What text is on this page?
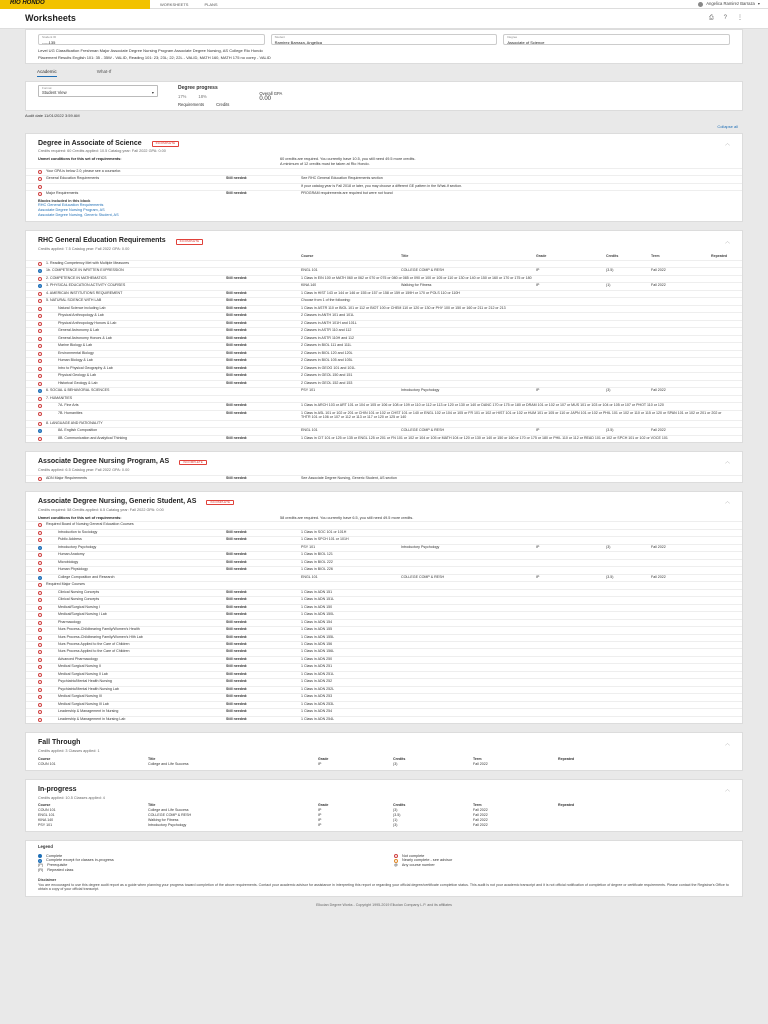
RIO HONDO	WORKSHEETS	PLANS	Angelica Ramirez Barraza ▾
Worksheets	⎙ ? ⋮
Student ID
-----135
Student
Ramirez Barraza, Angelica
Degree
Associate of Science
Level UG Classification Freshman Major Associate Degree Nursing Program Associate Degree Nursing, AS College Rio Hondo
Placement Results English 101: 35 - 35W - VALID, Reading 101: 23; 23L; 22; 22L - VALID, MATH 160, MATH 175 no corey - VALID
Academic	What-If
Format
Student View	▾
Degree progress
17%	18%
Requirements	Credits
Overall GPA
0.00
Audit date 11/01/2022 3:59 AM
Collapse all
Degree in Associate of Science	INCOMPLETE	︿
Credits required: 60 Credits applied: 10.5 Catalog year: Fall 2022 GPA: 0.00
Unmet conditions for this set of requirements:	60 credits are required. You currently have 10.5, you still need 49.5 more credits.
A minimum of 12 credits must be taken at Rio Hondo.
Your GPA is below 2.0; please see a counselor.
General Education Requirements	Still needed:	See RHC General Education Requirements section
If your catalog year is Fall 2018 or later, you may choose a different GE pattern in the What-If section.
Major Requirements	Still needed:	PROGRAM requirements are required but were not found
Blocks included in this block
RHC General Education Requirements
Associate Degree Nursing Program, AS
Associate Degree Nursing, Generic Student, AS
RHC General Education Requirements	INCOMPLETE	︿
Credits applied: 7.5 Catalog year: Fall 2022 GPA: 0.00
Course	Title	Grade	Credits	Term	Repeated
1. Reading Competency Met with Multiple Measures
1b. COMPETENCE IN WRITTEN EXPRESSION	ENGL 101	COLLEGE COMP & RESH	IP	(3.5)	Fall 2022
2. COMPETENCE IN MATHEMATICS	Still needed:	1 Class in EIN 100 or MATH 060 or 062 or 070 or 075 or 080 or 085 or 090 or 100 or 105 or 110 or 130 or 140 or 150 or 160 or 170 or 175 or 180
3. PHYSICAL EDUCATION ACTIVITY COURSES	KINA 140	Walking for Fitness	IP	(1)	Fall 2022
4. AMERICAN INSTITUTIONS REQUIREMENT	Still needed:	1 Class in HIST 143 or 144 or 146 or 155 or 157 or 158 or 159 or 159H or 170 or POLS 110 or 110H
5. NATURAL SCIENCE WITH LAB	Still needed:	Choose from 1 of the following:
Natural Science including Lab	Still needed:	1 Class in ASTR 110 or BIOL 101 or 112 or BIOT 100 or CHEM 110 or 120 or 130 or PHY 100 or 150 or 160 or 211 or 212 or 213
Physical Anthropology & Lab	Still needed:	2 Classes in ANTH 101 and 101L
Physical Anthropology Honors & Lab	Still needed:	2 Classes in ANTH 101H and 101L
General Astronomy & Lab	Still needed:	2 Classes in ASTR 110 and 112
General Astronomy Honors & Lab	Still needed:	2 Classes in ASTR 110H and 112
Marine Biology & Lab	Still needed:	2 Classes in BIOL 111 and 111L
Environmental Biology	Still needed:	2 Classes in BIOL 120 and 120L
Human Biology & Lab	Still needed:	2 Classes in BIOL 105 and 105L
Intro to Physical Geography & Lab	Still needed:	2 Classes in GEOG 101 and 101L
Physical Geology & Lab	Still needed:	2 Classes in GEOL 150 and 151
Historical Geology & Lab	Still needed:	2 Classes in GEOL 152 and 153
6. SOCIAL & BEHAVIORAL SCIENCES	PSY 101	Introductory Psychology	IP	(3)	Fall 2022
7. HUMANITIES
7A. Fine Arts	Still needed:	1 Class in ARCH 103 or ART 101 or 104 or 105 or 106 or 108 or 109 or 110 or 112 or 113 or 120 or 130 or 140 or DANC 170 or 175 or 180 or DRAM 101 or 102 or 107 or MUS 101 or 103 or 104 or 105 or 107 or PHOT 110 or 120
7B. Humanities	Still needed:	1 Class in ASL 101 or 102 or 201 or CHIN 101 or 102 or CHST 101 or 140 or ENGL 102 or 104 or 105 or FR 101 or 102 or HIST 101 or 102 or HUM 101 or 105 or 110 or JAPN 101 or 102 or PHIL 101 or 102 or 110 or 115 or 120 or SPAN 101 or 102 or 201 or 202 or THTR 101 or 106 or 107 or 112 or 113 or 117 or 120 or 125 or 140
8. LANGUAGE AND RATIONALITY
8A. English Composition	ENGL 101	COLLEGE COMP & RESH	IP	(3.5)	Fall 2022
8B. Communication and Analytical Thinking	Still needed:	1 Class in CIT 101 or 125 or 135 or ENGL 125 or 201 or FN 101 or 102 or 104 or 105 or MATH 104 or 120 or 130 or 140 or 150 or 160 or 170 or 175 or 180 or PHIL 110 or 112 or READ 101 or 102 or SPCH 101 or 102 or VOCE 101
Associate Degree Nursing Program, AS	INCOMPLETE	︿
Credits applied: 6.5 Catalog year: Fall 2022 GPA: 0.00
ADN Major Requirements	Still needed:	See Associate Degree Nursing, Generic Student, AS section
Associate Degree Nursing, Generic Student, AS	INCOMPLETE	︿
Credits required: 58 Credits applied: 6.5 Catalog year: Fall 2022 GPA: 0.00
Unmet conditions for this set of requirements:	58 credits are required. You currently have 6.5, you still need 49.5 more credits.
Required Board of Nursing General Education Courses
Introduction to Sociology	Still needed:	1 Class in SOC 101 or 101H
Public Address	Still needed:	1 Class in SPCH 101 or 101H
Introductory Psychology	PSY 101	Introductory Psychology	IP	(3)	Fall 2022
Human Anatomy	Still needed:	1 Class in BIOL 121
Microbiology	Still needed:	1 Class in BIOL 222
Human Physiology	Still needed:	1 Class in BIOL 226
College Composition and Research	ENGL 101	COLLEGE COMP & RESH	IP	(3.5)	Fall 2022
Required Major Courses
Clinical Nursing Concepts	Still needed:	1 Class in ADN 151
Clinical Nursing Concepts	Still needed:	1 Class in ADN 151L
Medical/Surgical Nursing I	Still needed:	1 Class in ADN 150
Medical/Surgical Nursing I Lab	Still needed:	1 Class in ADN 150L
Pharmacology	Still needed:	1 Class in ADN 154
Nurs Process-Childbearing Family/Women's Health	Still needed:	1 Class in ADN 155
Nurs Process-Childbearing Family/Women's Hlth Lab	Still needed:	1 Class in ADN 155L
Nurs Process Applied to the Care of Children	Still needed:	1 Class in ADN 156
Nurs Process Applied to the Care of Children	Still needed:	1 Class in ADN 156L
Advanced Pharmacology	Still needed:	1 Class in ADN 250
Medical Surgical Nursing II	Still needed:	1 Class in ADN 251
Medical Surgical Nursing II Lab	Still needed:	1 Class in ADN 251L
Psychiatric/Mental Health Nursing	Still needed:	1 Class in ADN 252
Psychiatric/Mental Health Nursing Lab	Still needed:	1 Class in ADN 252L
Medical Surgical Nursing III	Still needed:	1 Class in ADN 253
Medical Surgical Nursing III Lab	Still needed:	1 Class in ADN 253L
Leadership & Management in Nursing	Still needed:	1 Class in ADN 254
Leadership & Management in Nursing Lab	Still needed:	1 Class in ADN 254L
Fall Through	︿
Credits applied: 3 Classes applied: 1
Course	Title	Grade	Credits	Term	Repeated
COUN 101	College and Life Success	IP	(3)	Fall 2022
In-progress	︿
Credits applied: 10.5 Classes applied: 4
Course	Title	Grade	Credits	Term	Repeated
COUN 101	College and Life Success	IP	(3)	Fall 2022
ENGL 101	COLLEGE COMP & RESH	IP	(3.5)	Fall 2022
KINA 140	Walking for Fitness	IP	(1)	Fall 2022
PSY 101	Introductory Psychology	IP	(3)	Fall 2022
Legend
Complete	Not complete
Complete except for classes in-progress	Nearly complete - see advisor
(P) Prerequisite	@ Any course number
(R) Repeated class
Disclaimer
You are encouraged to use this degree audit report as a guide when planning your progress toward completion of the above requirements. Contact your academic advisor for assistance in interpreting this report or regarding your official degree/certificate completion status. This audit is not your academic transcript and it is not official notification of completion of degree or certificate requirements. Please contact the Registrar's Office to obtain a copy of your official transcript.
Ellucian Degree Works - Copyright 1995-2019 Ellucian Company L.P. and its affiliates
